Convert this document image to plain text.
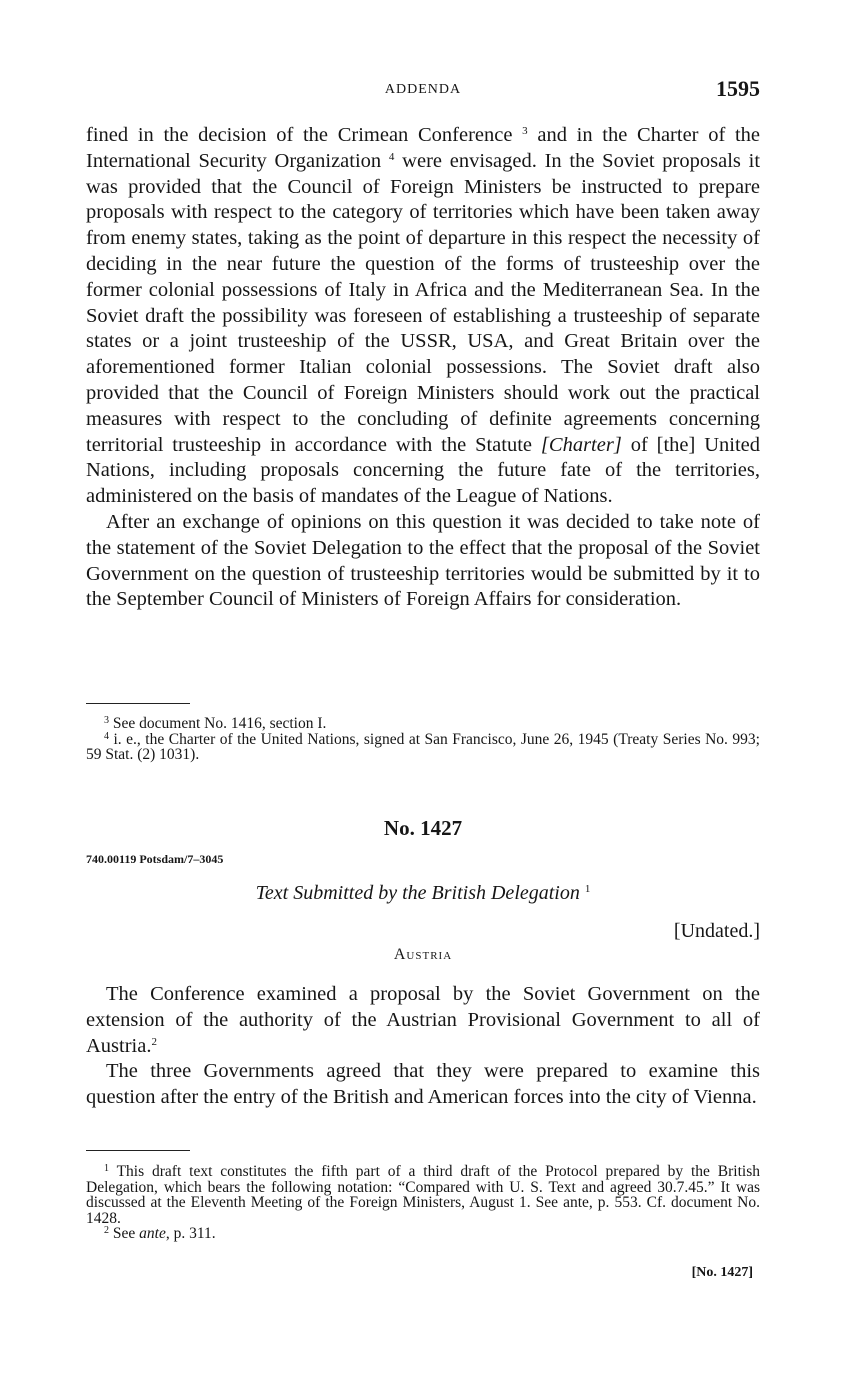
ADDENDA	1595

fined in the decision of the Crimean Conference $^3$ and in the Charter of the International Security Organization $^4$ were envisaged. In the Soviet proposals it was provided that the Council of Foreign Ministers be instructed to prepare proposals with respect to the category of territories which have been taken away from enemy states, taking as the point of departure in this respect the necessity of deciding in the near future the question of the forms of trusteeship over the former colonial possessions of Italy in Africa and the Mediterranean Sea. In the Soviet draft the possibility was foreseen of establishing a trusteeship of separate states or a joint trusteeship of the USSR, USA, and Great Britain over the aforementioned former Italian colonial possessions. The Soviet draft also provided that the Council of Foreign Ministers should work out the practical measures with respect to the concluding of definite agreements concerning territorial trusteeship in accordance with the Statute [Charter] of [the] United Nations, including proposals concerning the future fate of the territories, administered on the basis of mandates of the League of Nations.

After an exchange of opinions on this question it was decided to take note of the statement of the Soviet Delegation to the effect that the proposal of the Soviet Government on the question of trusteeship territories would be submitted by it to the September Council of Ministers of Foreign Affairs for consideration.

$^3$ See document No. 1416, section I.

$^4$ i. e., the Charter of the United Nations, signed at San Francisco, June 26, 1945 (Treaty Series No. 993; 59 Stat. (2) 1031).

No. 1427
740.00119 Potsdam/7–3045
Text Submitted by the British Delegation $^1$
[Undated.]
Austria

The Conference examined a proposal by the Soviet Government on the extension of the authority of the Austrian Provisional Government to all of Austria.$^2$

The three Governments agreed that they were prepared to examine this question after the entry of the British and American forces into the city of Vienna.

$^1$ This draft text constitutes the fifth part of a third draft of the Protocol prepared by the British Delegation, which bears the following notation: “Compared with U. S. Text and agreed 30.7.45.” It was discussed at the Eleventh Meeting of the Foreign Ministers, August 1. See ante, p. 553. Cf. document No. 1428.

$^2$ See ante, p. 311.

[No. 1427]
